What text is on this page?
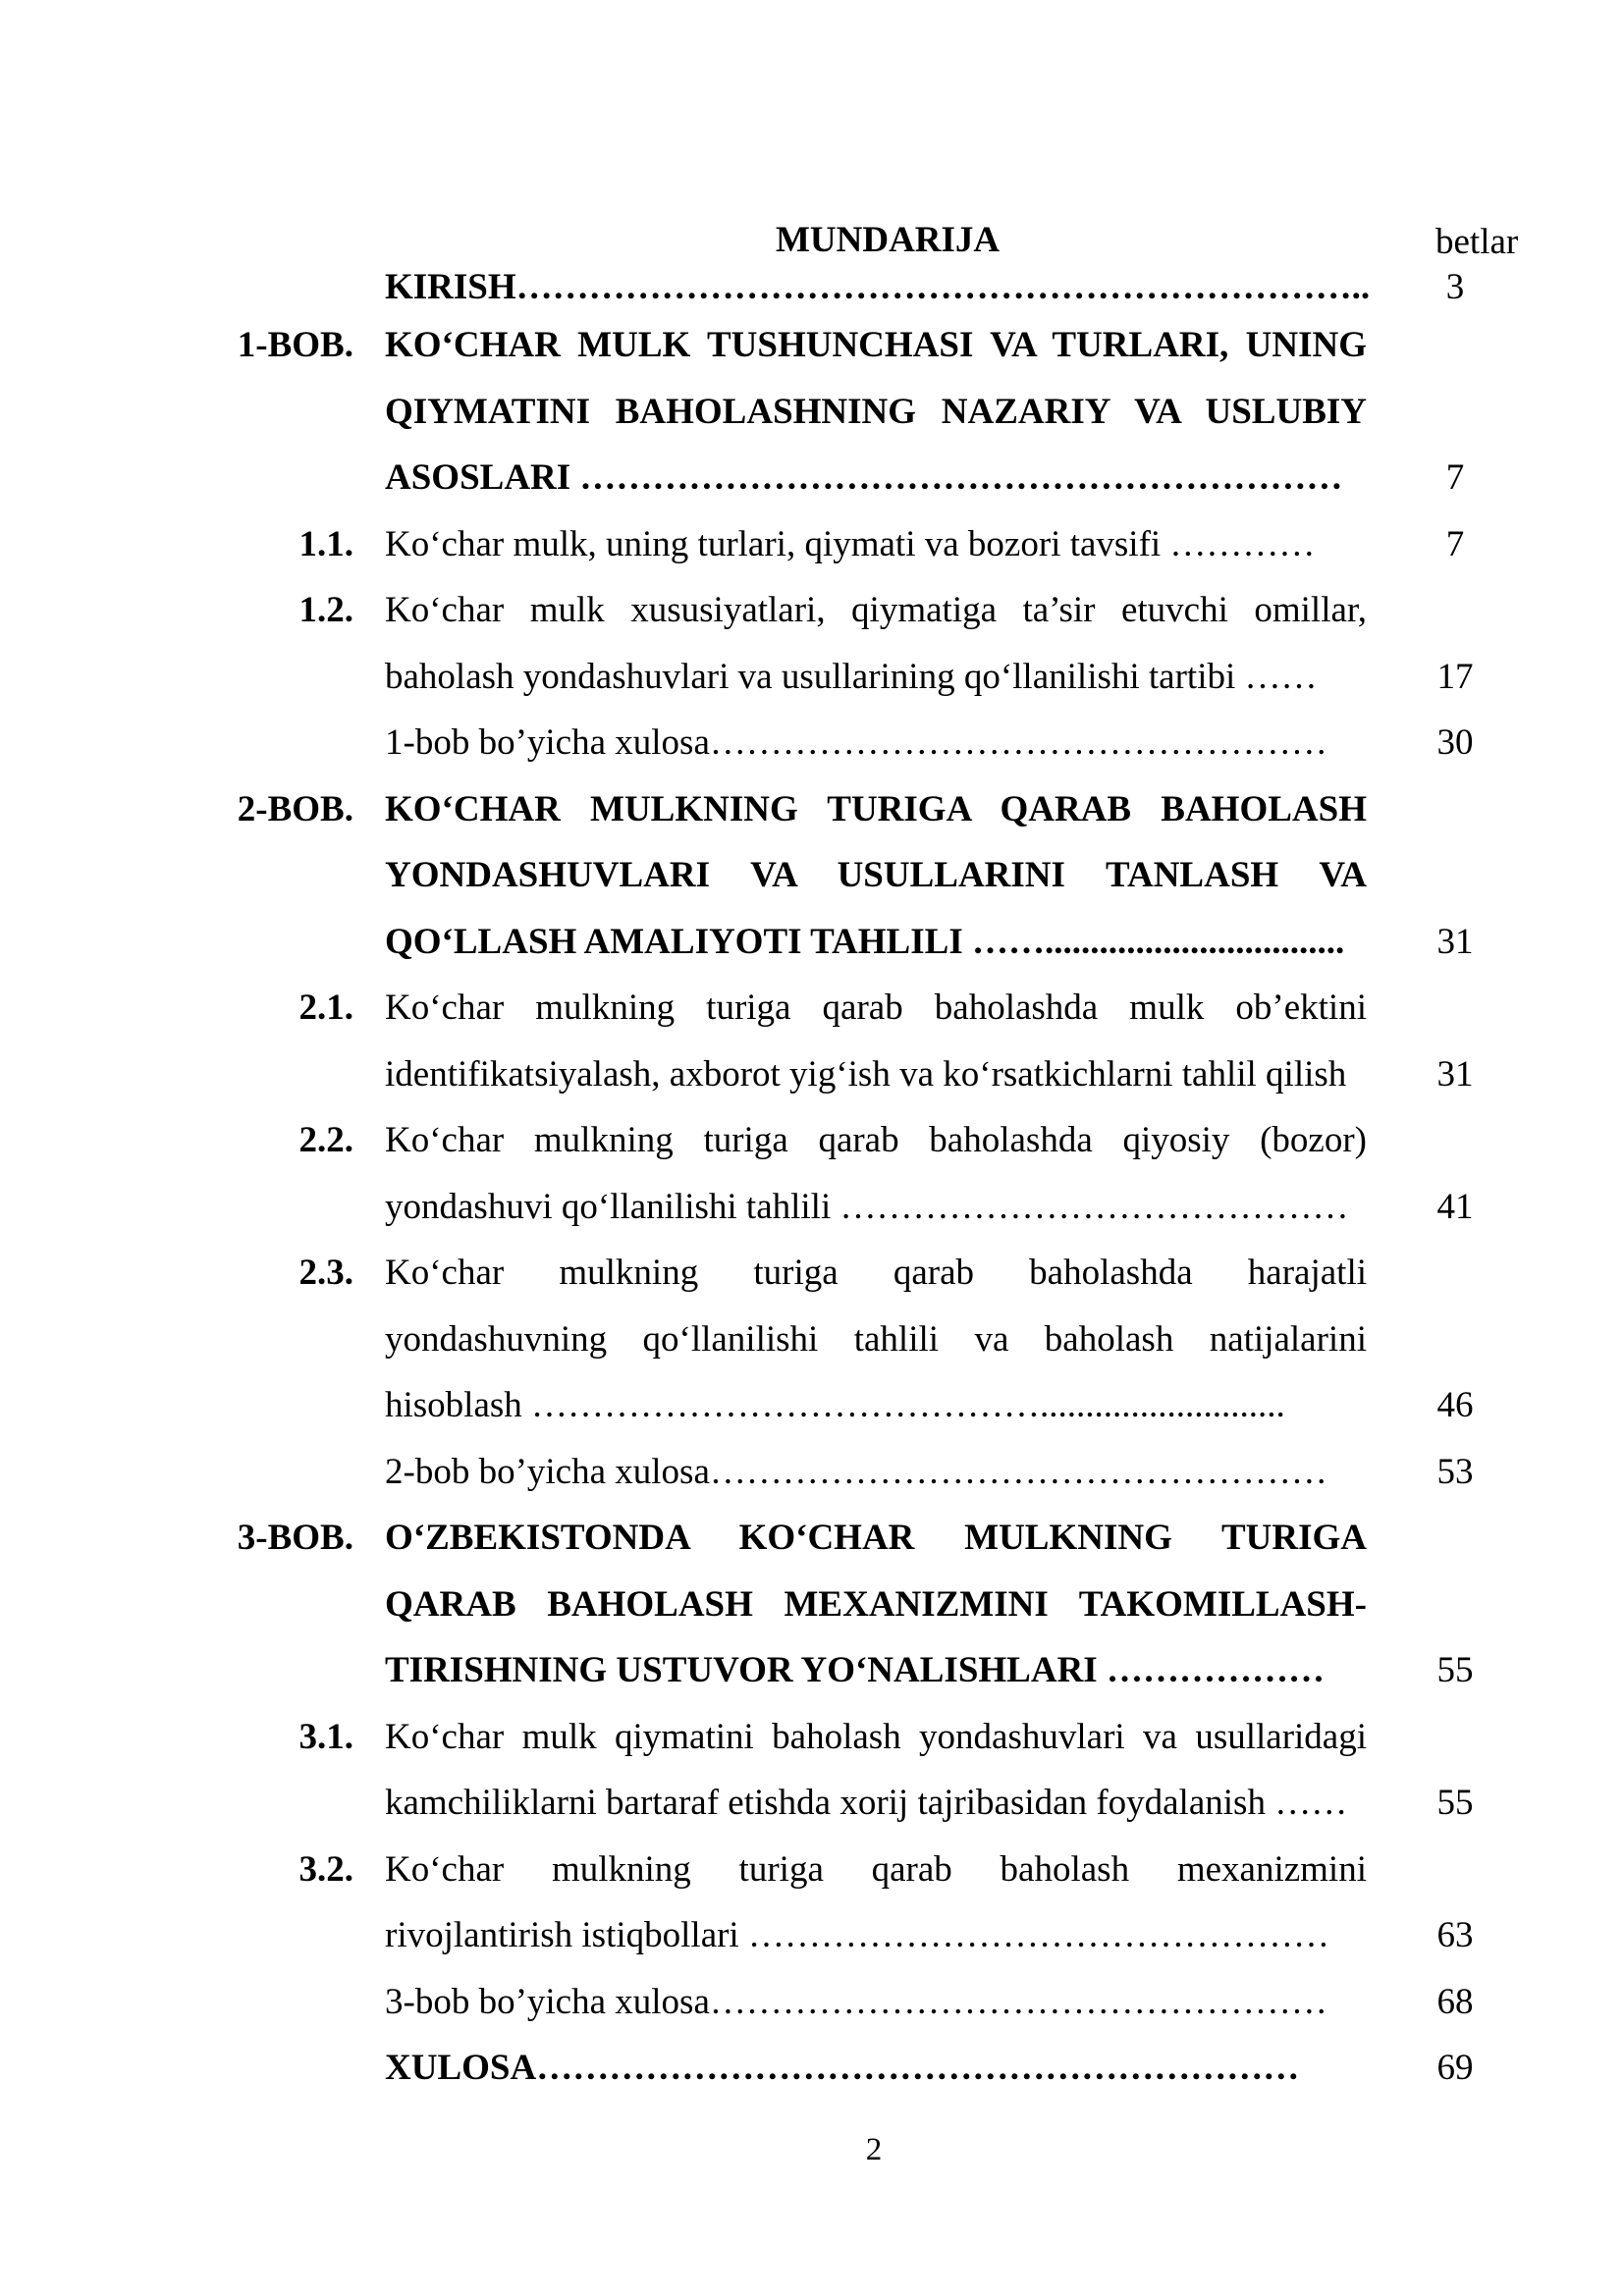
MUNDARIJA	betlar
KIRISH……………………………………………………………..	3
1-BOB. KO‘CHAR MULK TUSHUNCHASI VA TURLARI, UNING
QIYMATINI BAHOLASHNING NAZARIY VA USLUBIY
ASOSLARI ………………………………………………………	7
1.1. Ko‘char mulk, uning turlari, qiymati va bozori tavsifi …………	7
1.2. Ko‘char mulk xususiyatlari, qiymatiga ta’sir etuvchi omillar,
baholash yondashuvlari va usullarining qo‘llanilishi tartibi ……	17
1-bob bo’yicha xulosa……………………………………………	30
2-BOB. KO‘CHAR MULKNING TURIGA QARAB BAHOLASH
YONDASHUVLARI VA USULLARINI TANLASH VA
QO‘LLASH AMALIYOTI TAHLILI …….................................	31
2.1. Ko‘char mulkning turiga qarab baholashda mulk ob’ektini
identifikatsiyalash, axborot yig‘ish va ko‘rsatkichlarni tahlil qilish	31
2.2. Ko‘char mulkning turiga qarab baholashda qiyosiy (bozor)
yondashuvi qo‘llanilishi tahlili ……………………………………	41
2.3. Ko‘char mulkning turiga qarab baholashda harajatli
yondashuvning qo‘llanilishi tahlili va baholash natijalarini
hisoblash ……………………………………...........................	46
2-bob bo’yicha xulosa……………………………………………	53
3-BOB. O‘ZBEKISTONDA KO‘CHAR MULKNING TURIGA
QARAB BAHOLASH MEXANIZMINI TAKOMILLASH-
TIRISHNING USTUVOR YO‘NALISHLARI ………………	55
3.1. Ko‘char mulk qiymatini baholash yondashuvlari va usullaridagi
kamchiliklarni bartaraf etishda xorij tajribasidan foydalanish ……	55
3.2. Ko‘char mulkning turiga qarab baholash mexanizmini
rivojlantirish istiqbollari …………………………………………	63
3-bob bo’yicha xulosa……………………………………………	68
XULOSA………………………………………………………	69
2
